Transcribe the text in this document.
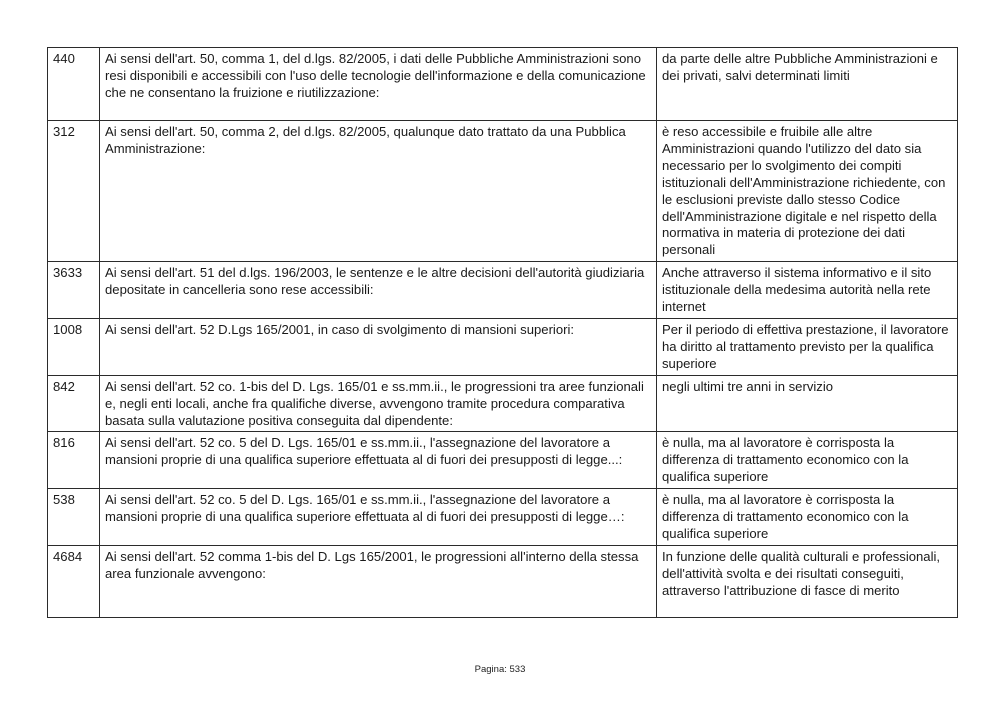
440	Ai sensi dell'art. 50, comma 1, del d.lgs. 82/2005, i dati delle Pubbliche Amministrazioni sono resi disponibili e accessibili con l'uso delle tecnologie dell'informazione e della comunicazione che ne consentano la fruizione e riutilizzazione:	da parte delle altre Pubbliche Amministrazioni e dei privati, salvi determinati limiti
312	Ai sensi dell'art. 50, comma 2, del d.lgs. 82/2005, qualunque dato trattato da una Pubblica Amministrazione:	è reso accessibile e fruibile alle altre Amministrazioni quando l'utilizzo del dato sia necessario per lo svolgimento dei compiti istituzionali dell'Amministrazione richiedente, con le esclusioni previste dallo stesso Codice dell'Amministrazione digitale e nel rispetto della normativa in materia di protezione dei dati personali
3633	Ai sensi dell'art. 51 del d.lgs. 196/2003, le sentenze e le altre decisioni dell'autorità giudiziaria depositate in cancelleria sono rese accessibili:	Anche attraverso il sistema informativo e il sito istituzionale della medesima autorità nella rete internet
1008	Ai sensi dell'art. 52 D.Lgs 165/2001, in caso di svolgimento di mansioni superiori:	Per il periodo di effettiva prestazione, il lavoratore ha diritto al trattamento previsto per la qualifica superiore
842	Ai sensi dell'art. 52 co. 1-bis del D. Lgs. 165/01 e ss.mm.ii., le progressioni tra aree funzionali e, negli enti locali, anche fra qualifiche diverse, avvengono tramite procedura comparativa basata sulla valutazione positiva conseguita dal dipendente:	negli ultimi tre anni in servizio
816	Ai sensi dell'art. 52 co. 5 del D. Lgs. 165/01 e ss.mm.ii., l'assegnazione del lavoratore a mansioni proprie di una qualifica superiore effettuata al di fuori dei presupposti di legge...:	è nulla, ma al lavoratore è corrisposta la differenza di trattamento economico con la qualifica superiore
538	Ai sensi dell'art. 52 co. 5 del D. Lgs. 165/01 e ss.mm.ii., l'assegnazione del lavoratore a mansioni proprie di una qualifica superiore effettuata al di fuori dei presupposti di legge…:	è nulla, ma al lavoratore è corrisposta la differenza di trattamento economico con la qualifica superiore
4684	Ai sensi dell'art. 52 comma 1-bis del D. Lgs 165/2001, le progressioni all'interno della stessa area funzionale avvengono:	In funzione delle qualità culturali e professionali, dell'attività svolta e dei risultati conseguiti, attraverso l'attribuzione di fasce di merito
Pagina: 533
